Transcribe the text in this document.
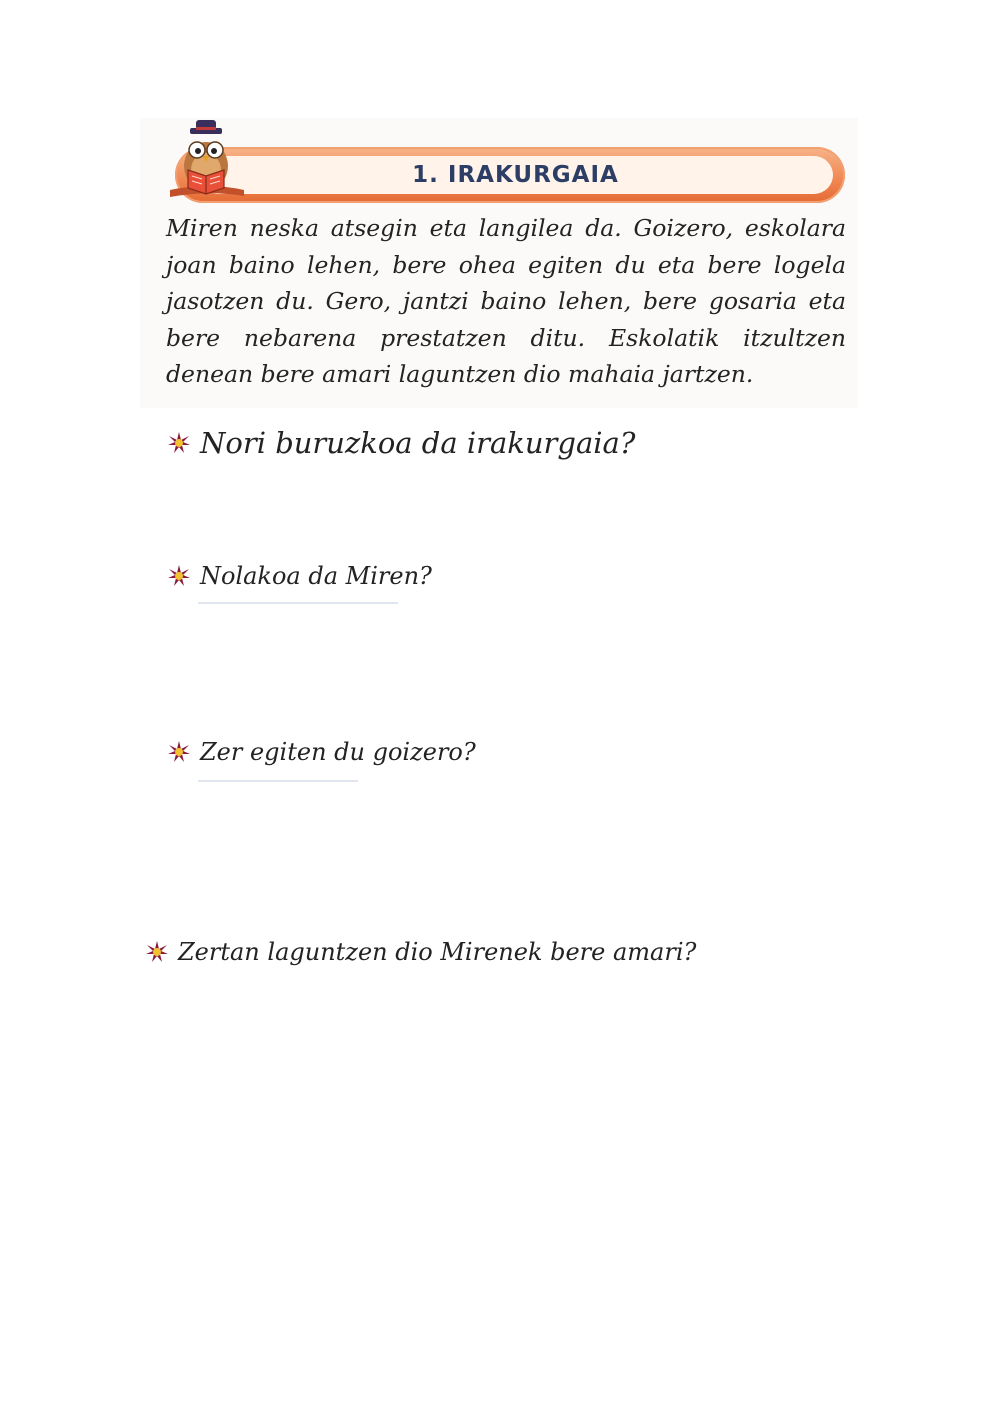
1. IRAKURGAIA
Miren neska atsegin eta langilea da. Goizero, eskolara joan baino lehen, bere ohea egiten du eta bere logela jasotzen du. Gero, jantzi baino lehen, bere gosaria eta bere nebarena prestatzen ditu. Eskolatik itzultzen denean bere amari laguntzen dio mahaia jartzen.
Nori buruzkoa da irakurgaia?
Nolakoa da Miren?
Zer egiten du goizero?
Zertan laguntzen dio Mirenek bere amari?
